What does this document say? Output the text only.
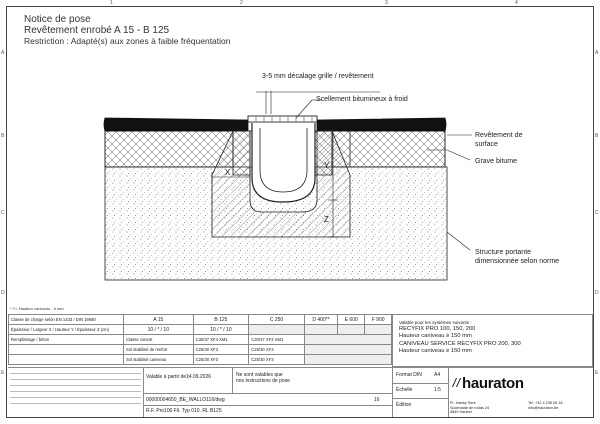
A
B
C
D
E
A
B
C
D
E
1	2	3	4
Notice de pose
Revêtement enrobé A 15 - B 125
Restriction : Adapté(s) aux zones à faible fréquentation
3-5 mm décalage grille / revêtement
Scellement bitumineux à froid
Revêtement de
surface
Grave bitume
Structure portante
dimensionnée selon norme
X
Y
Z
* Y= Hauteur caniveau - 6 mm
Classe de charge selon EN 1433 / DIN 19580	A 15	B 125	C 250	D 400**	E 600	F 900
Épaisseur / Largeur X / Hauteur Y / Épaisseur Z (cm)	10 / * / 10	10 / * / 10				
Remplissage / béton	Classe ciment	C30/37 XF4 XM1	C30/37 XF4 XM1			
	Sol stabilisé de renfort	C25/30 XF3	C25/30 XF3			
	Sol stabilisé caniveau	C25/30 XF3	C25/30 XF3			
Valable pour les systèmes suivants :
RECYFIX PRO 100, 150, 200
Hauteur caniveau ≥ 150 mm
CANIVEAU SERVICE RECYFIX PRO 200, 300
Hauteur caniveau ≥ 150 mm
Valable à partir de :
14.09.2026	Ne sont valables que
nos instructions de pose
00000004650_BE_WALLO116/dwg	16
R.F. Pro100 Fil. Typ 010. RL B125
Format DIN A4
Échelle	1:5
Édition	Pr. Hanby Sent
Sociedade de rodas 24
4840 Hautrel
Tel. +32 4 236 05 18
info@hauraton.be
hauraton
